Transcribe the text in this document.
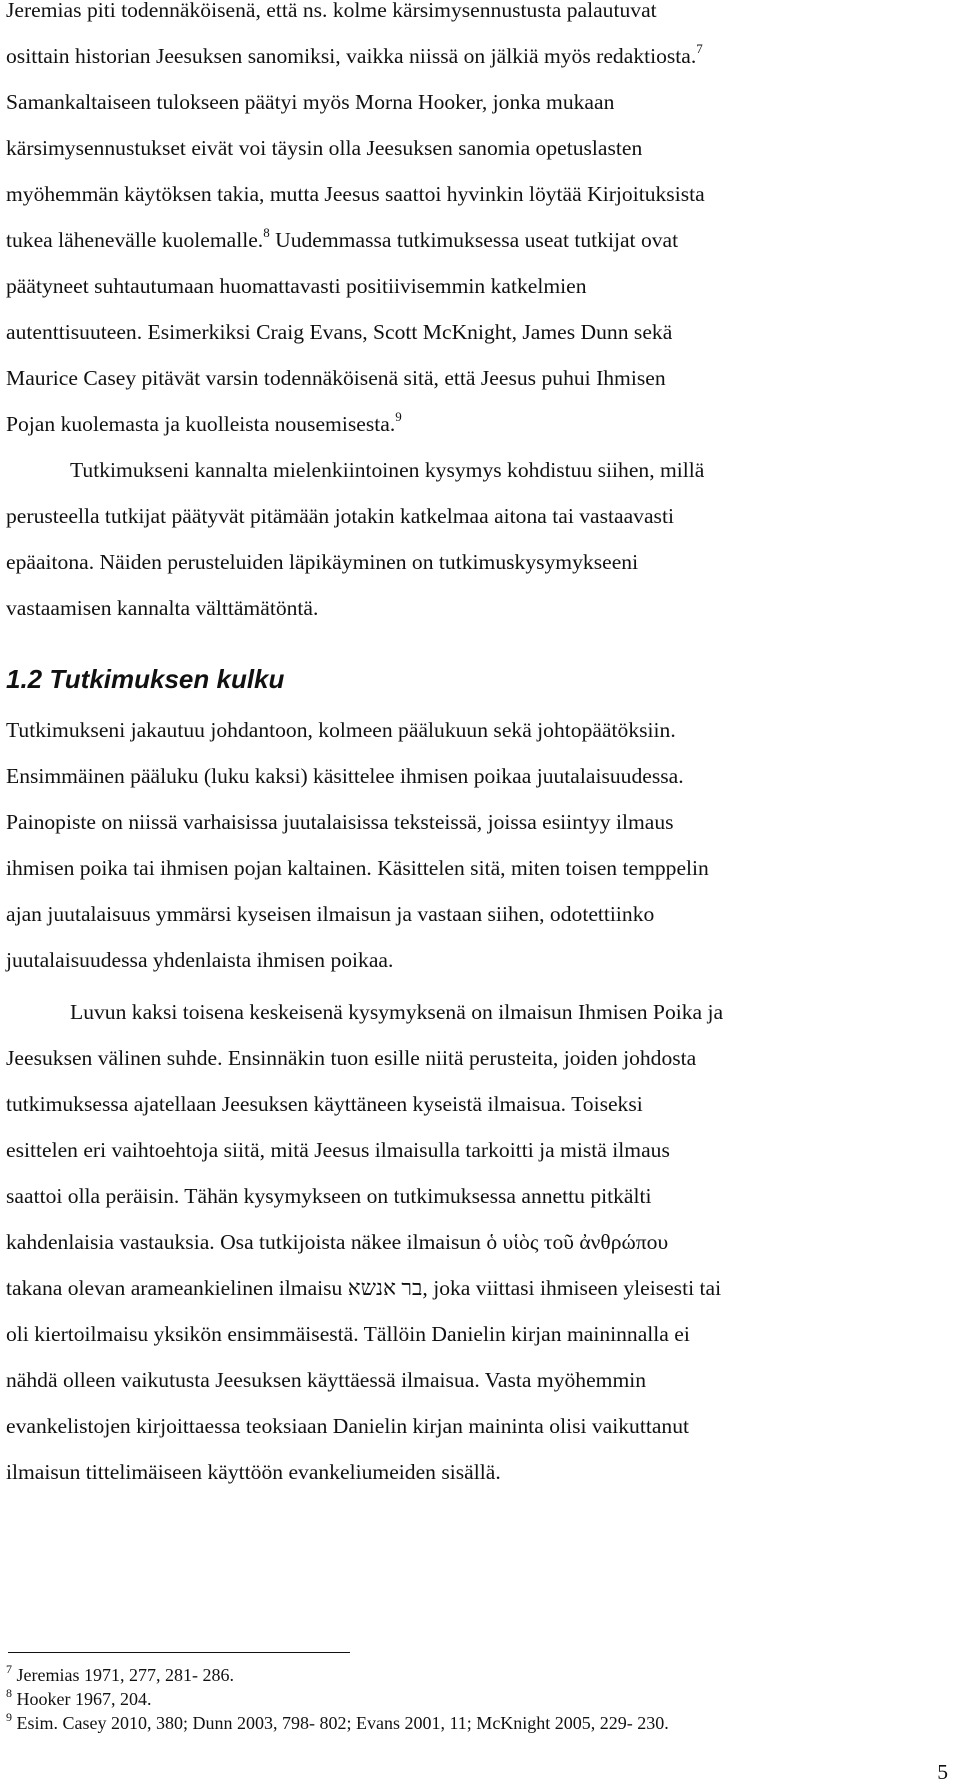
Jeremias piti todennäköisenä, että ns. kolme kärsimysennustusta palautuvat
osittain historian Jeesuksen sanomiksi, vaikka niissä on jälkiä myös redaktiosta.$^7$
Samankaltaiseen tulokseen päätyi myös Morna Hooker, jonka mukaan
kärsimysennustukset eivät voi täysin olla Jeesuksen sanomia opetuslasten
myöhemmän käytöksen takia, mutta Jeesus saattoi hyvinkin löytää Kirjoituksista
tukea lähenevälle kuolemalle.$^8$ Uudemmassa tutkimuksessa useat tutkijat ovat
päätyneet suhtautumaan huomattavasti positiivisemmin katkelmien
autenttisuuteen. Esimerkiksi Craig Evans, Scott McKnight, James Dunn sekä
Maurice Casey pitävät varsin todennäköisenä sitä, että Jeesus puhui Ihmisen
Pojan kuolemasta ja kuolleista nousemisesta.$^9$
Tutkimukseni kannalta mielenkiintoinen kysymys kohdistuu siihen, millä
perusteella tutkijat päätyvät pitämään jotakin katkelmaa aitona tai vastaavasti
epäaitona. Näiden perusteluiden läpikäyminen on tutkimuskysymykseeni
vastaamisen kannalta välttämätöntä.
1.2 Tutkimuksen kulku
Tutkimukseni jakautuu johdantoon, kolmeen päälukuun sekä johtopäätöksiin.
Ensimmäinen pääluku (luku kaksi) käsittelee ihmisen poikaa juutalaisuudessa.
Painopiste on niissä varhaisissa juutalaisissa teksteissä, joissa esiintyy ilmaus
ihmisen poika tai ihmisen pojan kaltainen. Käsittelen sitä, miten toisen temppelin
ajan juutalaisuus ymmärsi kyseisen ilmaisun ja vastaan siihen, odotettiinko
juutalaisuudessa yhdenlaista ihmisen poikaa.
Luvun kaksi toisena keskeisenä kysymyksenä on ilmaisun Ihmisen Poika ja
Jeesuksen välinen suhde. Ensinnäkin tuon esille niitä perusteita, joiden johdosta
tutkimuksessa ajatellaan Jeesuksen käyttäneen kyseistä ilmaisua. Toiseksi
esittelen eri vaihtoehtoja siitä, mitä Jeesus ilmaisulla tarkoitti ja mistä ilmaus
saattoi olla peräisin. Tähän kysymykseen on tutkimuksessa annettu pitkälti
kahdenlaisia vastauksia. Osa tutkijoista näkee ilmaisun ὁ υἱὸς τοῦ ἀνθρώπου
takana olevan arameankielinen ilmaisu בר אנשא, joka viittasi ihmiseen yleisesti tai
oli kiertoilmaisu yksikön ensimmäisestä. Tällöin Danielin kirjan maininnalla ei
nähdä olleen vaikutusta Jeesuksen käyttäessä ilmaisua. Vasta myöhemmin
evankelistojen kirjoittaessa teoksiaan Danielin kirjan maininta olisi vaikuttanut
ilmaisun tittelimäiseen käyttöön evankeliumeiden sisällä.
$^7$ Jeremias 1971, 277, 281- 286.
$^8$ Hooker 1967, 204.
$^9$ Esim. Casey 2010, 380; Dunn 2003, 798- 802; Evans 2001, 11; McKnight 2005, 229- 230.
5
